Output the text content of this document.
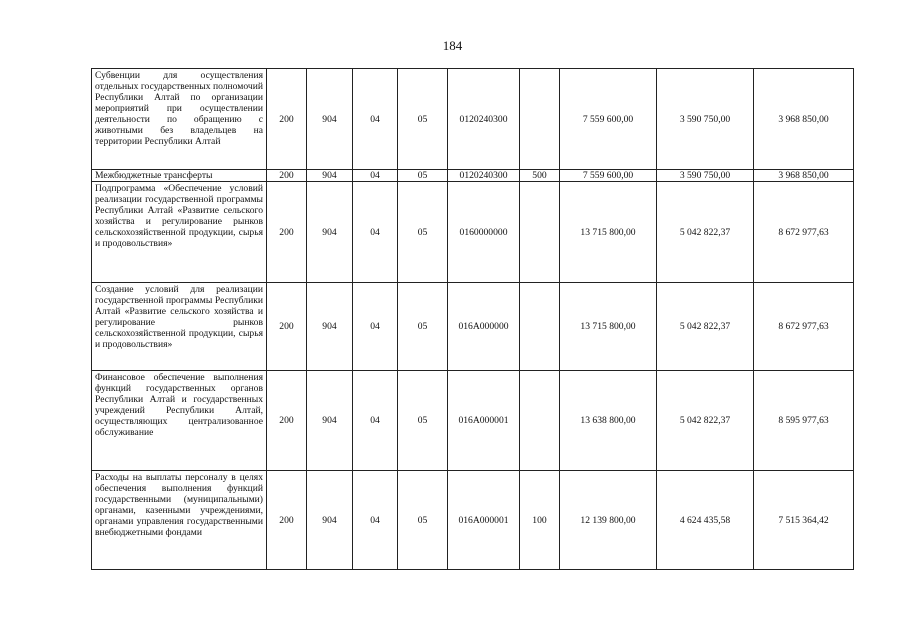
184
Субвенции для осуществления отдельных государственных полномочий Республики Алтай по организации мероприятий при осуществлении деятельности по обращению с животными без владельцев на территории Республики Алтай	200	904	04	05	0120240300		7 559 600,00	3 590 750,00	3 968 850,00
Межбюджетные трансферты	200	904	04	05	0120240300	500	7 559 600,00	3 590 750,00	3 968 850,00
Подпрограмма «Обеспечение условий реализации государственной программы Республики Алтай «Развитие сельского хозяйства и регулирование рынков сельскохозяйственной продукции, сырья и продовольствия»	200	904	04	05	0160000000		13 715 800,00	5 042 822,37	8 672 977,63
Создание условий для реализации государственной программы Республики Алтай «Развитие сельского хозяйства и регулирование рынков сельскохозяйственной продукции, сырья и продовольствия»	200	904	04	05	016А000000		13 715 800,00	5 042 822,37	8 672 977,63
Финансовое обеспечение выполнения функций государственных органов Республики Алтай и государственных учреждений Республики Алтай, осуществляющих централизованное обслуживание	200	904	04	05	016А000001		13 638 800,00	5 042 822,37	8 595 977,63
Расходы на выплаты персоналу в целях обеспечения выполнения функций государственными (муниципальными) органами, казенными учреждениями, органами управления государственными внебюджетными фондами	200	904	04	05	016А000001	100	12 139 800,00	4 624 435,58	7 515 364,42
